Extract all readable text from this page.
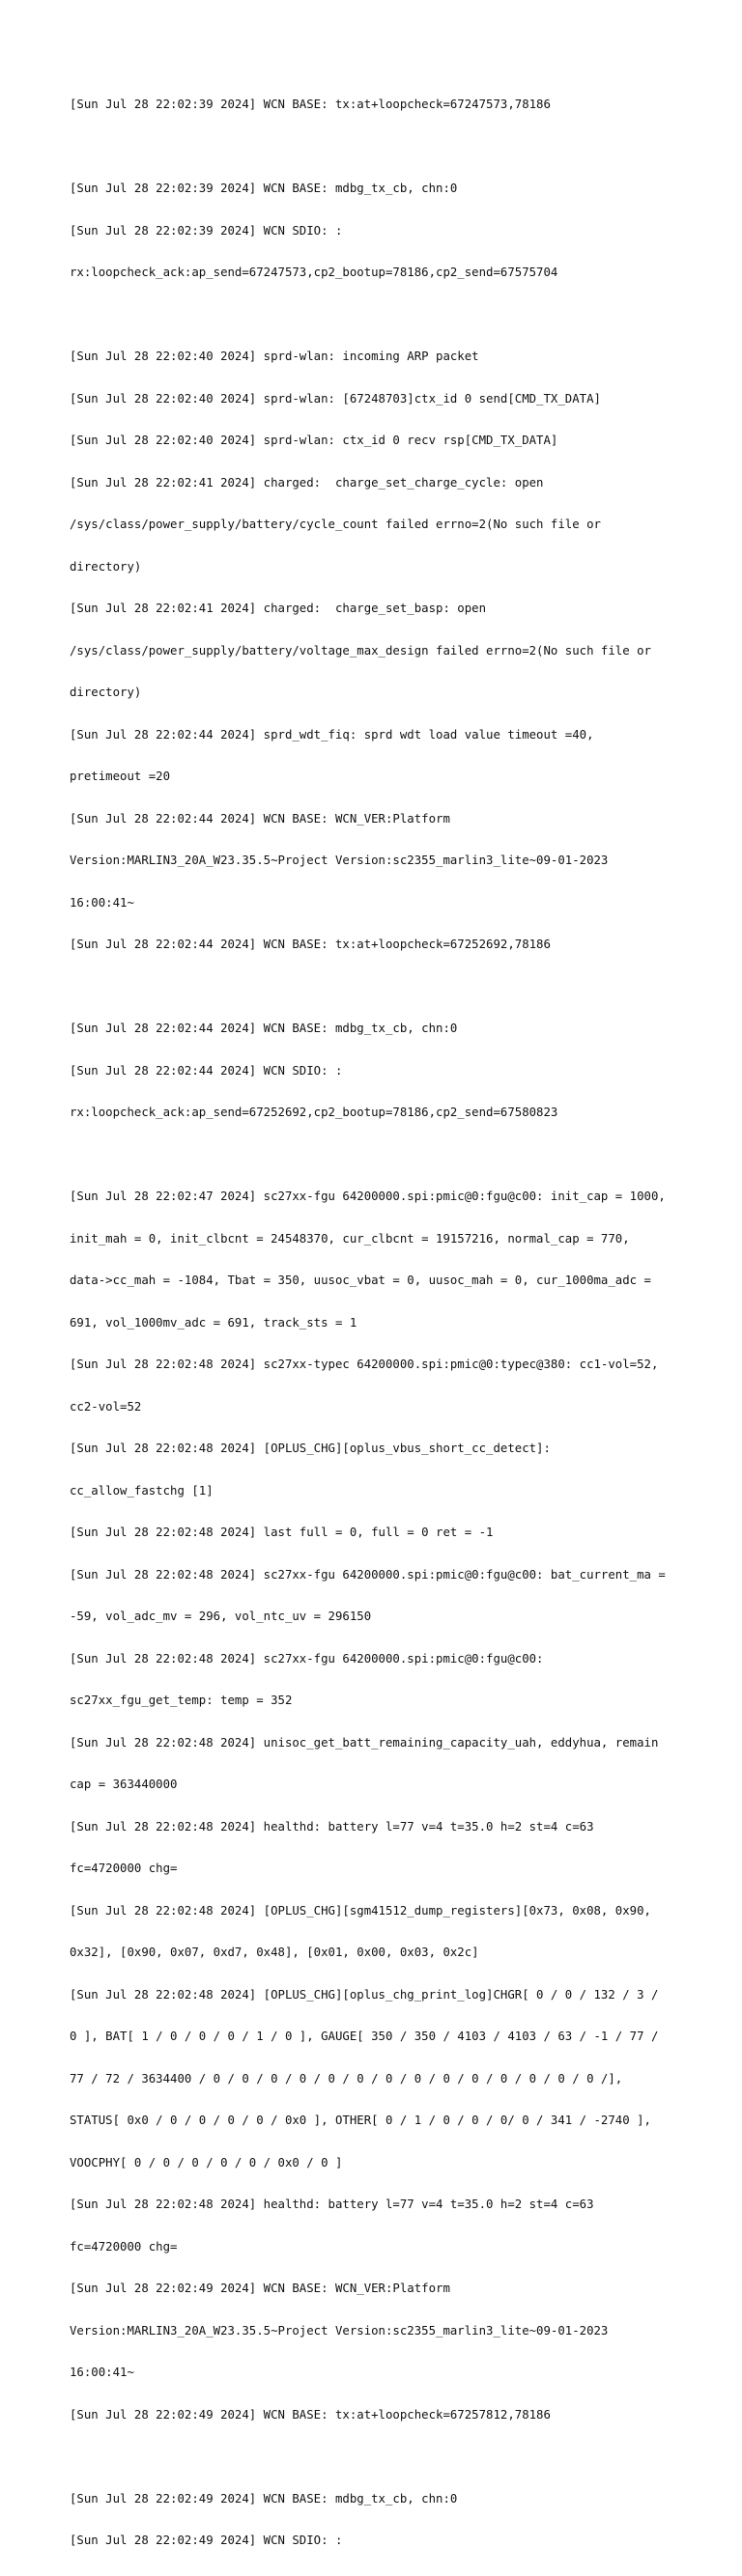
[Sun Jul 28 22:02:39 2024] WCN BASE: tx:at+loopcheck=67247573,78186

[Sun Jul 28 22:02:39 2024] WCN BASE: mdbg_tx_cb, chn:0

[Sun Jul 28 22:02:39 2024] WCN SDIO: :

rx:loopcheck_ack:ap_send=67247573,cp2_bootup=78186,cp2_send=67575704

[Sun Jul 28 22:02:40 2024] sprd-wlan: incoming ARP packet

[Sun Jul 28 22:02:40 2024] sprd-wlan: [67248703]ctx_id 0 send[CMD_TX_DATA]

[Sun Jul 28 22:02:40 2024] sprd-wlan: ctx_id 0 recv rsp[CMD_TX_DATA]

[Sun Jul 28 22:02:41 2024] charged:  charge_set_charge_cycle: open

/sys/class/power_supply/battery/cycle_count failed errno=2(No such file or

directory)

[Sun Jul 28 22:02:41 2024] charged:  charge_set_basp: open

/sys/class/power_supply/battery/voltage_max_design failed errno=2(No such file or

directory)

[Sun Jul 28 22:02:44 2024] sprd_wdt_fiq: sprd wdt load value timeout =40,

pretimeout =20

[Sun Jul 28 22:02:44 2024] WCN BASE: WCN_VER:Platform

Version:MARLIN3_20A_W23.35.5~Project Version:sc2355_marlin3_lite~09-01-2023

16:00:41~

[Sun Jul 28 22:02:44 2024] WCN BASE: tx:at+loopcheck=67252692,78186

[Sun Jul 28 22:02:44 2024] WCN BASE: mdbg_tx_cb, chn:0

[Sun Jul 28 22:02:44 2024] WCN SDIO: :

rx:loopcheck_ack:ap_send=67252692,cp2_bootup=78186,cp2_send=67580823

[Sun Jul 28 22:02:47 2024] sc27xx-fgu 64200000.spi:pmic@0:fgu@c00: init_cap = 1000,

init_mah = 0, init_clbcnt = 24548370, cur_clbcnt = 19157216, normal_cap = 770,

data->cc_mah = -1084, Tbat = 350, uusoc_vbat = 0, uusoc_mah = 0, cur_1000ma_adc =

691, vol_1000mv_adc = 691, track_sts = 1

[Sun Jul 28 22:02:48 2024] sc27xx-typec 64200000.spi:pmic@0:typec@380: cc1-vol=52,

cc2-vol=52

[Sun Jul 28 22:02:48 2024] [OPLUS_CHG][oplus_vbus_short_cc_detect]:

cc_allow_fastchg [1]

[Sun Jul 28 22:02:48 2024] last full = 0, full = 0 ret = -1

[Sun Jul 28 22:02:48 2024] sc27xx-fgu 64200000.spi:pmic@0:fgu@c00: bat_current_ma =

-59, vol_adc_mv = 296, vol_ntc_uv = 296150

[Sun Jul 28 22:02:48 2024] sc27xx-fgu 64200000.spi:pmic@0:fgu@c00:

sc27xx_fgu_get_temp: temp = 352

[Sun Jul 28 22:02:48 2024] unisoc_get_batt_remaining_capacity_uah, eddyhua, remain

cap = 363440000

[Sun Jul 28 22:02:48 2024] healthd: battery l=77 v=4 t=35.0 h=2 st=4 c=63

fc=4720000 chg=

[Sun Jul 28 22:02:48 2024] [OPLUS_CHG][sgm41512_dump_registers][0x73, 0x08, 0x90,

0x32], [0x90, 0x07, 0xd7, 0x48], [0x01, 0x00, 0x03, 0x2c]

[Sun Jul 28 22:02:48 2024] [OPLUS_CHG][oplus_chg_print_log]CHGR[ 0 / 0 / 132 / 3 /

0 ], BAT[ 1 / 0 / 0 / 0 / 1 / 0 ], GAUGE[ 350 / 350 / 4103 / 4103 / 63 / -1 / 77 /

77 / 72 / 3634400 / 0 / 0 / 0 / 0 / 0 / 0 / 0 / 0 / 0 / 0 / 0 / 0 / 0 / 0 /],

STATUS[ 0x0 / 0 / 0 / 0 / 0 / 0x0 ], OTHER[ 0 / 1 / 0 / 0 / 0/ 0 / 341 / -2740 ],

VOOCPHY[ 0 / 0 / 0 / 0 / 0 / 0x0 / 0 ]

[Sun Jul 28 22:02:48 2024] healthd: battery l=77 v=4 t=35.0 h=2 st=4 c=63

fc=4720000 chg=

[Sun Jul 28 22:02:49 2024] WCN BASE: WCN_VER:Platform

Version:MARLIN3_20A_W23.35.5~Project Version:sc2355_marlin3_lite~09-01-2023

16:00:41~

[Sun Jul 28 22:02:49 2024] WCN BASE: tx:at+loopcheck=67257812,78186

[Sun Jul 28 22:02:49 2024] WCN BASE: mdbg_tx_cb, chn:0

[Sun Jul 28 22:02:49 2024] WCN SDIO: :
